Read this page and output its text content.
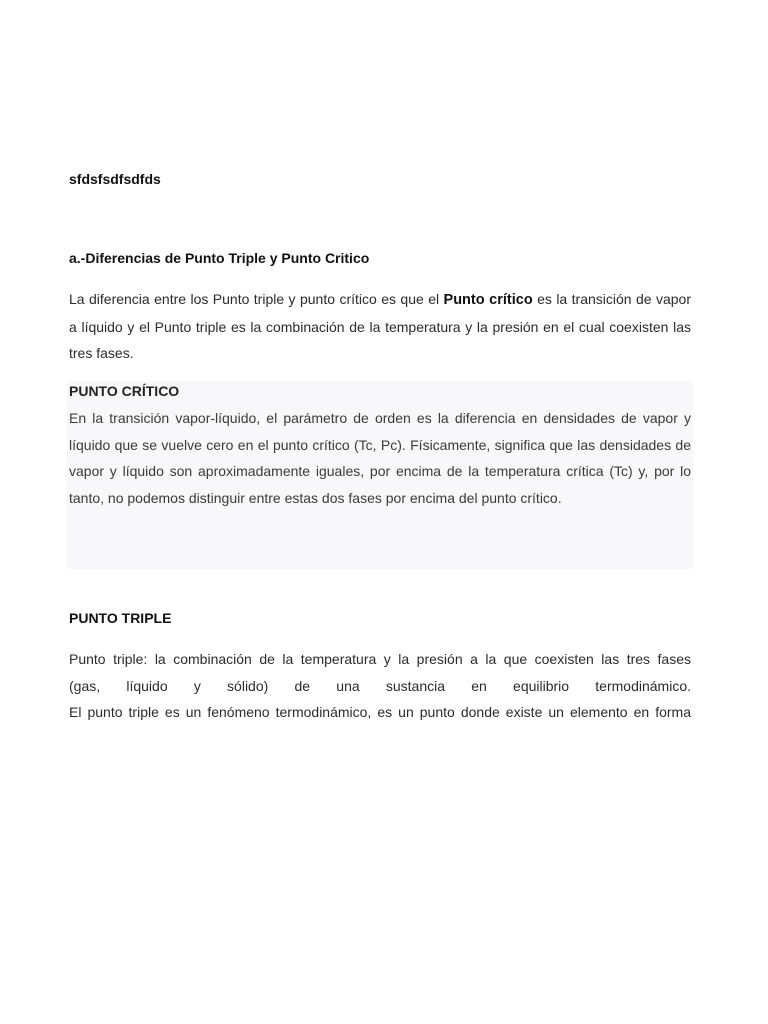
sfdsfsdfsdfds

a.-Diferencias de Punto Triple y Punto Critico

La diferencia entre los Punto triple y punto crítico es que el Punto crítico es la transición de vapor a líquido y el Punto triple es la combinación de la temperatura y la presión en el cual coexisten las tres fases.

PUNTO CRÍTICO

En la transición vapor-líquido, el parámetro de orden es la diferencia en densidades de vapor y líquido que se vuelve cero en el punto crítico (Tc, Pc). Físicamente, significa que las densidades de vapor y líquido son aproximadamente iguales, por encima de la temperatura crítica (Tc) y, por lo tanto, no podemos distinguir entre estas dos fases por encima del punto crítico.

PUNTO TRIPLE

Punto triple: la combinación de la temperatura y la presión a la que coexisten las tres fases
(gas, líquido y sólido) de una sustancia en equilibrio termodinámico.
El punto triple es un fenómeno termodinámico, es un punto donde existe un elemento en forma
